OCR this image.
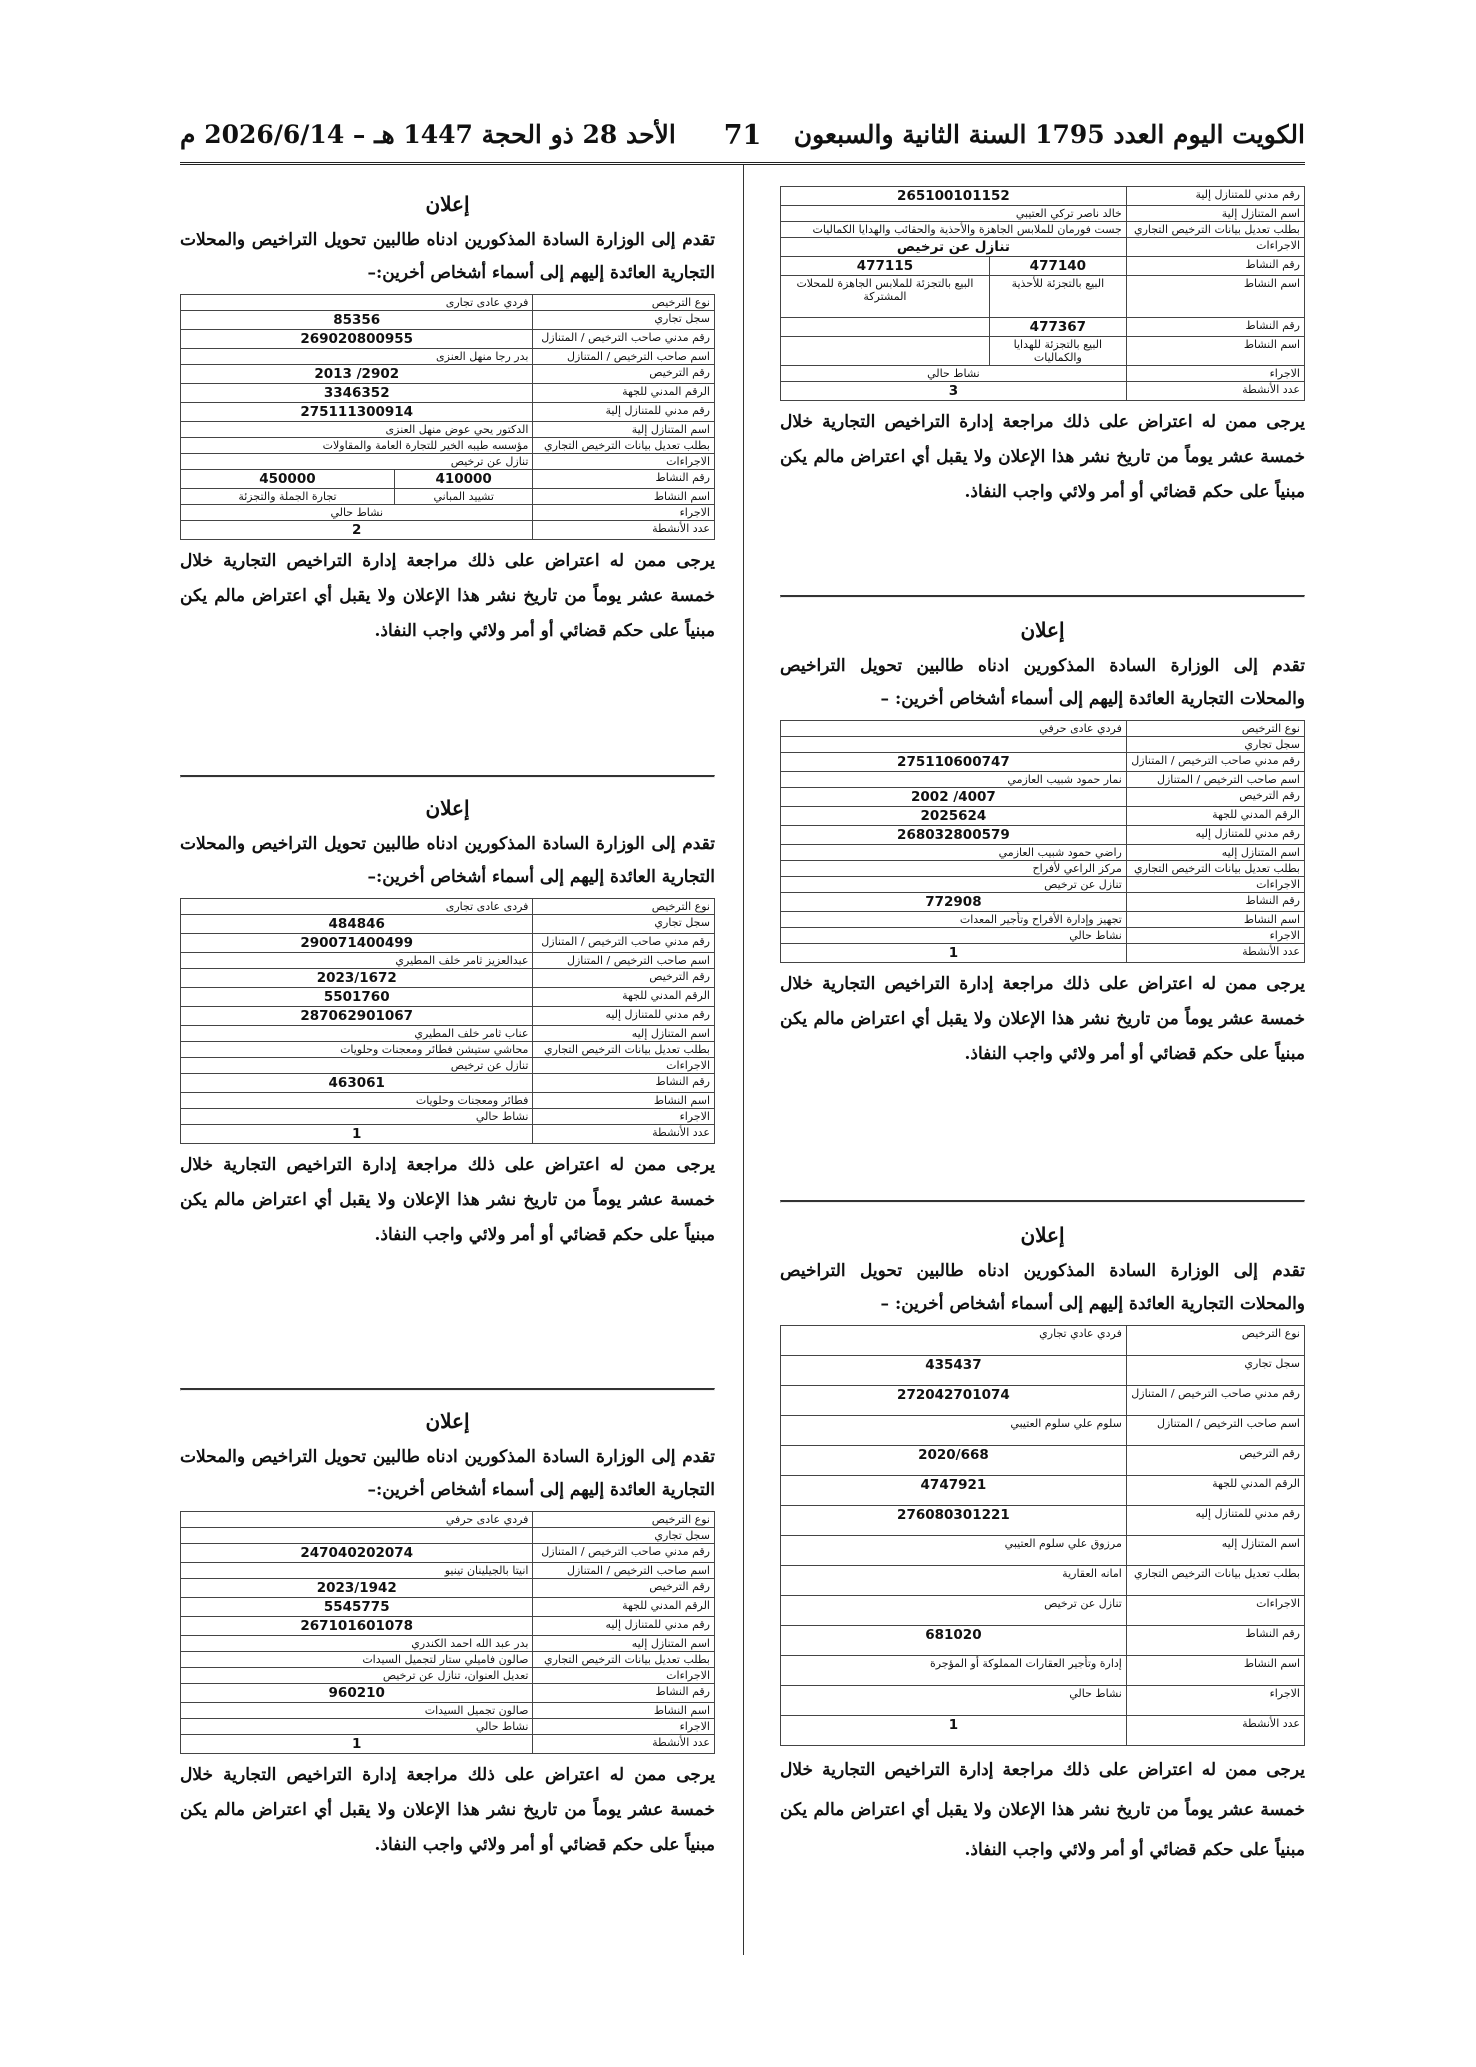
الكويت اليوم العدد 1795 السنة الثانية والسبعون
71
الأحد 28 ذو الحجة 1447 هـ – 2026/6/14 م
رقم مدني للمتنازل إلية	265100101152	
اسم المتنازل إلية	خالد ناصر تركي العتيبي	
بطلب تعديل بيانات الترخيص التجاري	جست فورمان للملابس الجاهزة والأحذية والحقائب والهدايا الكماليات	
الاجراءات	تنازل عن ترخيص	
رقم النشاط	477140	477115
اسم النشاط	البيع بالتجزئة للأحذية	البيع بالتجزئة للملابس الجاهزة للمحلات المشتركة
رقم النشاط	477367	
اسم النشاط	البيع بالتجزئة للهدايا والكماليات	
الاجراء	نشاط حالي	
عدد الأنشطة	3	

يرجى ممن له اعتراض على ذلك مراجعة إدارة التراخيص التجارية خلال خمسة عشر يوماً من تاريخ نشر هذا الإعلان ولا يقبل أي اعتراض مالم يكن مبنياً على حكم قضائي أو أمر ولائي واجب النفاذ.

إعلان

تقدم إلى الوزارة السادة المذكورين ادناه طالبين تحويل التراخيص والمحلات التجارية العائدة إليهم إلى أسماء أشخاص أخرين: –

نوع الترخيص	فردي عادى حرفي
سجل تجاري	
رقم مدني صاحب الترخيص / المتنازل	275110600747
اسم صاحب الترخيص / المتنازل	نمار حمود شبيب العازمي
رقم الترخيص	4007/ 2002
الرقم المدني للجهة	2025624
رقم مدني للمتنازل إليه	268032800579
اسم المتنازل إليه	راضي حمود شبيب العازمي
بطلب تعديل بيانات الترخيص التجاري	مركز الراعي لأفراح
الاجراءات	تنازل عن ترخيص
رقم النشاط	772908
اسم النشاط	تجهيز وإدارة الأفراح وتأجير المعدات
الاجراء	نشاط حالي
عدد الأنشطة	1

يرجى ممن له اعتراض على ذلك مراجعة إدارة التراخيص التجارية خلال خمسة عشر يوماً من تاريخ نشر هذا الإعلان ولا يقبل أي اعتراض مالم يكن مبنياً على حكم قضائي أو أمر ولائي واجب النفاذ.

إعلان

تقدم إلى الوزارة السادة المذكورين ادناه طالبين تحويل التراخيص والمحلات التجارية العائدة إليهم إلى أسماء أشخاص أخرين: –

نوع الترخيص	فردي عادي تجاري
سجل تجاري	435437
رقم مدني صاحب الترخيص / المتنازل	272042701074
اسم صاحب الترخيص / المتنازل	سلوم علي سلوم العتيبي
رقم الترخيص	2020/668
الرقم المدني للجهة	4747921
رقم مدني للمتنازل إليه	276080301221
اسم المتنازل إليه	مرزوق علي سلوم العتيبي
بطلب تعديل بيانات الترخيص التجاري	امانه العقارية
الاجراءات	تنازل عن ترخيص
رقم النشاط	681020
اسم النشاط	إدارة وتأجير العقارات المملوكة أو المؤجرة
الاجراء	نشاط حالي
عدد الأنشطة	1

يرجى ممن له اعتراض على ذلك مراجعة إدارة التراخيص التجارية خلال خمسة عشر يوماً من تاريخ نشر هذا الإعلان ولا يقبل أي اعتراض مالم يكن مبنياً على حكم قضائي أو أمر ولائي واجب النفاذ.

إعلان

تقدم إلى الوزارة السادة المذكورين ادناه طالبين تحويل التراخيص والمحلات التجارية العائدة إليهم إلى أسماء أشخاص أخرين:–

نوع الترخيص	فردي عادى تجارى	
سجل تجاري	85356	
رقم مدني صاحب الترخيص / المتنازل	269020800955	
اسم صاحب الترخيص / المتنازل	بدر رجا منهل العنزى	
رقم الترخيص	2902/ 2013	
الرقم المدني للجهة	3346352	
رقم مدني للمتنازل إلية	275111300914	
اسم المتنازل إلية	الدكتور يحي عوض منهل العنزى	
بطلب تعديل بيانات الترخيص التجاري	مؤسسه طيبه الخير للتجارة العامة والمقاولات	
الاجراءات	تنازل عن ترخيص	
رقم النشاط	410000	450000
اسم النشاط	تشييد المباني	تجارة الجملة والتجزئة
الاجراء	نشاط حالي	
عدد الأنشطة	2	

يرجى ممن له اعتراض على ذلك مراجعة إدارة التراخيص التجارية خلال خمسة عشر يوماً من تاريخ نشر هذا الإعلان ولا يقبل أي اعتراض مالم يكن مبنياً على حكم قضائي أو أمر ولائي واجب النفاذ.

إعلان

تقدم إلى الوزارة السادة المذكورين ادناه طالبين تحويل التراخيص والمحلات التجارية العائدة إليهم إلى أسماء أشخاص أخرين:–

نوع الترخيص	فردى عادى تجارى
سجل تجاري	484846
رقم مدني صاحب الترخيص / المتنازل	290071400499
اسم صاحب الترخيص / المتنازل	عبدالعزيز ثامر خلف المطيري
رقم الترخيص	2023/1672
الرقم المدني للجهة	5501760
رقم مدني للمتنازل إليه	287062901067
اسم المتنازل إليه	عناب ثامر خلف المطيري
بطلب تعديل بيانات الترخيص التجاري	محاشي ستيشن فطائر ومعجنات وحلويات
الاجراءات	تنازل عن ترخيص
رقم النشاط	463061
اسم النشاط	فطائر ومعجنات وحلويات
الاجراء	نشاط حالي
عدد الأنشطة	1

يرجى ممن له اعتراض على ذلك مراجعة إدارة التراخيص التجارية خلال خمسة عشر يوماً من تاريخ نشر هذا الإعلان ولا يقبل أي اعتراض مالم يكن مبنياً على حكم قضائي أو أمر ولائي واجب النفاذ.

إعلان

تقدم إلى الوزارة السادة المذكورين ادناه طالبين تحويل التراخيص والمحلات التجارية العائدة إليهم إلى أسماء أشخاص أخرين:–

نوع الترخيص	فردي عادى حرفي
سجل تجاري	
رقم مدني صاحب الترخيص / المتنازل	247040202074
اسم صاحب الترخيص / المتنازل	انيتا بالجيلينان تينيو
رقم الترخيص	2023/1942
الرقم المدني للجهة	5545775
رقم مدني للمتنازل إليه	267101601078
اسم المتنازل إليه	بدر عبد الله احمد الكندري
بطلب تعديل بيانات الترخيص التجاري	صالون فاميلي ستار لتجميل السيدات
الاجراءات	تعديل العنوان، تنازل عن ترخيص
رقم النشاط	960210
اسم النشاط	صالون تجميل السيدات
الاجراء	نشاط حالي
عدد الأنشطة	1

يرجى ممن له اعتراض على ذلك مراجعة إدارة التراخيص التجارية خلال خمسة عشر يوماً من تاريخ نشر هذا الإعلان ولا يقبل أي اعتراض مالم يكن مبنياً على حكم قضائي أو أمر ولائي واجب النفاذ.
